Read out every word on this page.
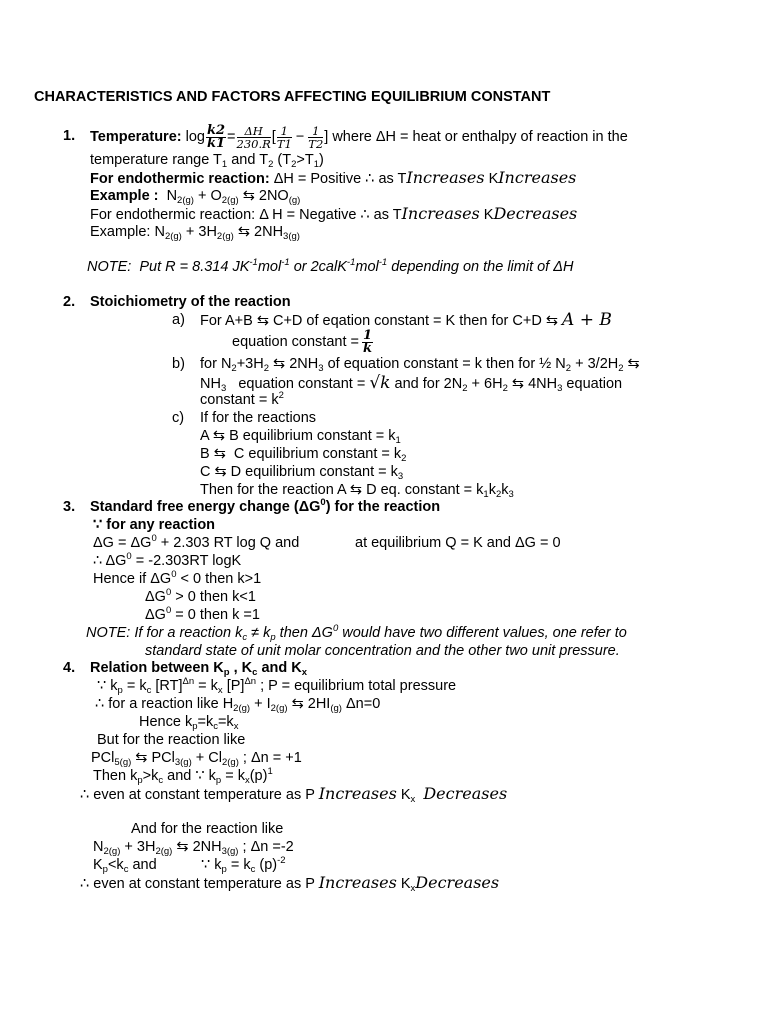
CHARACTERISTICS AND FACTORS AFFECTING EQUILIBRIUM CONSTANT
1. Temperature:
$\log \frac{k2}{k1} = \frac{\Delta H}{230.R}$ [ $\frac{1}{T1} - \frac{1}{T2}$ ] where ΔH = heat or enthalpy of reaction in the
temperature range $T_1$ and $T_2$ $(T_2>T_1)$
For endothermic reaction: ΔH = Positive ∴ as TIncreases KIncreases
Example : $N_{2(g)} + O_{2(g)}$ ⇆ $2NO_{(g)}$
For endothermic reaction: Δ H = Negative ∴ as TIncreases KDecreases
Example: $N_{2(g)} + 3H_{2(g)}$ ⇆ $2NH_{3(g)}$
NOTE:  Put R = 8.314 $JK^{-1}mol^{-1}$ or 2calK$^{-1}$mol$^{-1}$ depending on the limit of ΔH
2. Stoichiometry of the reaction
a) For A+B ⇆ C+D of eqation constant = K then for C+D ⇆ A + B
equation constant = $\frac{1}{k}$
b) for $N_2+3H_2$ ⇆ $2NH_3$ of equation constant = k then for ½ $N_2 + 3/2H_2$ ⇆
$NH_3$   equation constant = √k and for $2N_2 + 6H_2$ ⇆ $4NH_3$ equation
constant = $k^2$
c) If for the reactions
A ⇆ B equilibrium constant = $k_1$
B ⇆  C equilibrium constant = $k_2$
C ⇆ D equilibrium constant = $k_3$
Then for the reaction A ⇆ D eq. constant = $k_1k_2k_3$
3. Standard free energy change $(\Delta G^0)$ for the reaction
∵ for any reaction
$\Delta G = \Delta G^0 + 2.303$ RT log Q and	at equilibrium Q = K and ΔG = 0
∴ $\Delta G^0 = -2.303RT$ logK
Hence if $\Delta G^0 < 0$ then k>1
$\Delta G^0 > 0$ then k<1
$\Delta G^0 = 0$ then k =1
NOTE: If for a reaction $k_c \ne k_p$ then $\Delta G^0$ would have two different values, one refer to
standard state of unit molar concentration and the other two unit pressure.
4. Relation between $K_p$ , $K_c$ and $K_x$
∵ $k_p = k_c$ $[RT]^{\Delta n} = k_x$ $[P]^{\Delta n}$ ; P = equilibrium total pressure
∴ for a reaction like $H_{2(g)} + I_{2(g)}$ ⇆ $2HI_{(g)}$ Δn=0
Hence $k_p=k_c=k_x$
But for the reaction like
PCl$_{5(g)}$ ⇆ $PCl_{3(g)} + Cl_{2(g)}$ ; Δn = +1
Then $k_p>k_c$ and ∵ $k_p = k_x(p)^1$
∴ even at constant temperature as P Increases $K_x$ Decreases
And for the reaction like
$N_{2(g)} + 3H_{2(g)}$ ⇆ $2NH_{3(g)}$ ; Δn =-2
$K_p<k_c$ and	∵ $k_p = k_c$ $(p)^{-2}$
∴ even at constant temperature as P Increases $K_xDecreases$
